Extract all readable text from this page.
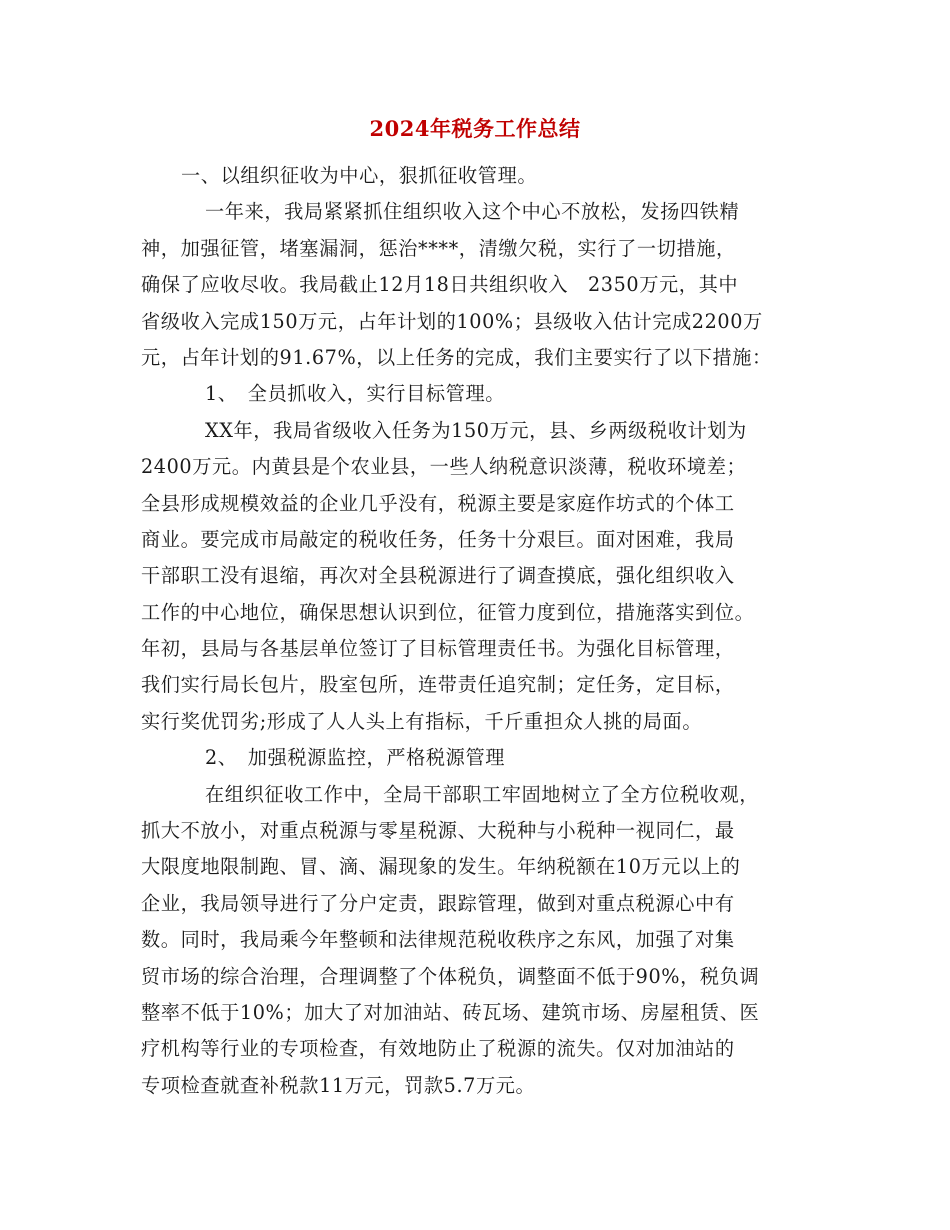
2024年税务工作总结
一、以组织征收为中心，狠抓征收管理。
一年来，我局紧紧抓住组织收入这个中心不放松，发扬四铁精
神，加强征管，堵塞漏洞，惩治****，清缴欠税，实行了一切措施，
确保了应收尽收。我局截止12月18日共组织收入　2350万元，其中
省级收入完成150万元，占年计划的100%；县级收入估计完成2200万
元，占年计划的91.67%，以上任务的完成，我们主要实行了以下措施：
1、　全员抓收入，实行目标管理。
XX年，我局省级收入任务为150万元，县、乡两级税收计划为
2400万元。内黄县是个农业县，一些人纳税意识淡薄，税收环境差；
全县形成规模效益的企业几乎没有，税源主要是家庭作坊式的个体工
商业。要完成市局敲定的税收任务，任务十分艰巨。面对困难，我局
干部职工没有退缩，再次对全县税源进行了调查摸底，强化组织收入
工作的中心地位，确保思想认识到位，征管力度到位，措施落实到位。
年初，县局与各基层单位签订了目标管理责任书。为强化目标管理，
我们实行局长包片，股室包所，连带责任追究制；定任务，定目标，
实行奖优罚劣;形成了人人头上有指标，千斤重担众人挑的局面。
2、　加强税源监控，严格税源管理
在组织征收工作中，全局干部职工牢固地树立了全方位税收观，
抓大不放小，对重点税源与零星税源、大税种与小税种一视同仁，最
大限度地限制跑、冒、滴、漏现象的发生。年纳税额在10万元以上的
企业，我局领导进行了分户定责，跟踪管理，做到对重点税源心中有
数。同时，我局乘今年整顿和法律规范税收秩序之东风，加强了对集
贸市场的综合治理，合理调整了个体税负，调整面不低于90%，税负调
整率不低于10%；加大了对加油站、砖瓦场、建筑市场、房屋租赁、医
疗机构等行业的专项检查，有效地防止了税源的流失。仅对加油站的
专项检查就查补税款11万元，罚款5.7万元。
